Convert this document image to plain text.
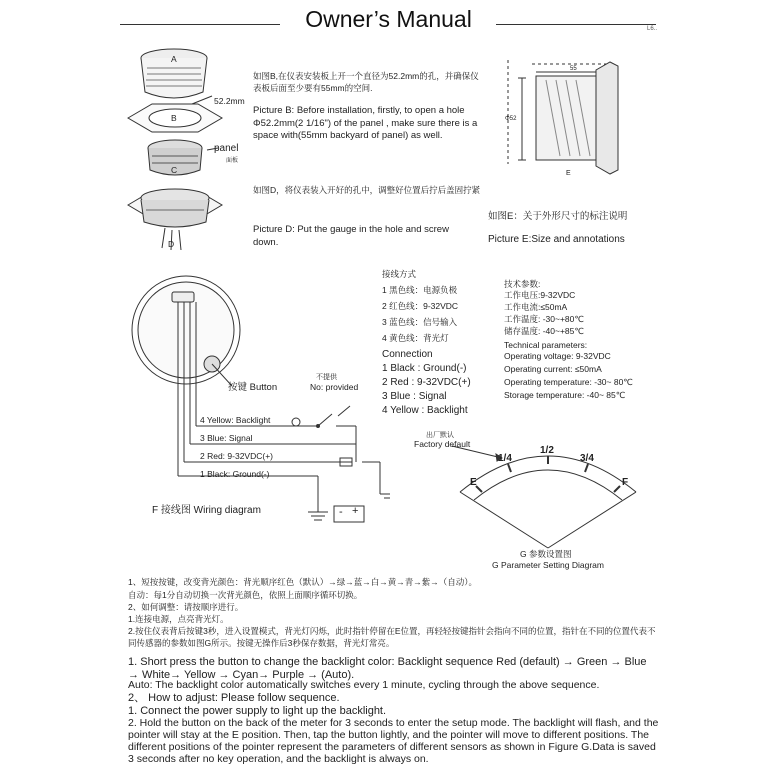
Owner’s Manual	L6..
A
B
C
52.2mm
panel
面板
如图B,在仪表安装板上开一个直径为52.2mm的孔，并确保仪表板后面至少要有55mm的空间.
Picture B: Before installation, firstly, to open a hole Φ52.2mm(2 1/16") of the panel , make sure there is a space with(55mm backyard of panel) as well.
D
如图D，将仪表装入开好的孔中，调整好位置后拧后盖固拧紧
Picture D: Put the gauge in the hole and screw down.
55
Φ52
E
如图E：关于外形尺寸的标注说明
Picture E:Size and annotations
按键 Button
不提供
No: provided
4 Yellow: Backlight
3 Blue: Signal
2 Red: 9-32VDC(+)
1 Black: Ground(-)
- +
F 接线图 Wiring diagram
接线方式
1 黑色线：电源负极
2 红色线：9-32VDC
3 蓝色线：信号输入
4 黄色线：背光灯
Connection
1 Black : Ground(-)
2 Red : 9-32VDC(+)
3 Blue : Signal
4 Yellow : Backlight
技术参数:
工作电压:9-32VDC
工作电流:≤50mA
工作温度: -30~+80℃
储存温度: -40~+85℃
Technical parameters:
Operating voltage: 9-32VDC
Operating current: ≤50mA
Operating temperature: -30~ 80℃
Storage temperature: -40~ 85℃
出厂默认
Factory default
E
1/4
1/2
3/4
F
G 参数设置图
G Parameter Setting Diagram
1、短按按键，改变背光颜色：背光顺序红色（默认）→绿→蓝→白→黄→青→紫→（自动）。
自动：每1分自动切换一次背光颜色，依照上面顺序循环切换。
2、如何调整：请按顺序进行。
1.连接电源，点亮背光灯。
2.按住仪表背后按键3秒，进入设置模式，背光灯闪烁，此时指针停留在E位置，再轻轻按键指针会指向不同的位置，指针在不同的位置代表不同传感器的参数如图G所示。按键无操作后3秒保存数据，背光灯常亮。
1. Short press the button to change the backlight color: Backlight sequence Red (default) → Green → Blue → White→ Yellow → Cyan→ Purple → (Auto).
Auto: The backlight color automatically switches every 1 minute, cycling through the above sequence.
2、 How to adjust: Please follow sequence.
1. Connect the power supply to light up the backlight.
2. Hold the button on the back of the meter for 3 seconds to enter the setup mode. The backlight will flash, and the pointer will stay at the E position. Then, tap the button lightly, and the pointer will move to different positions. The different positions of the pointer represent the parameters of different sensors as shown in Figure G.Data is saved 3 seconds after no key operation, and the backlight is always on.
